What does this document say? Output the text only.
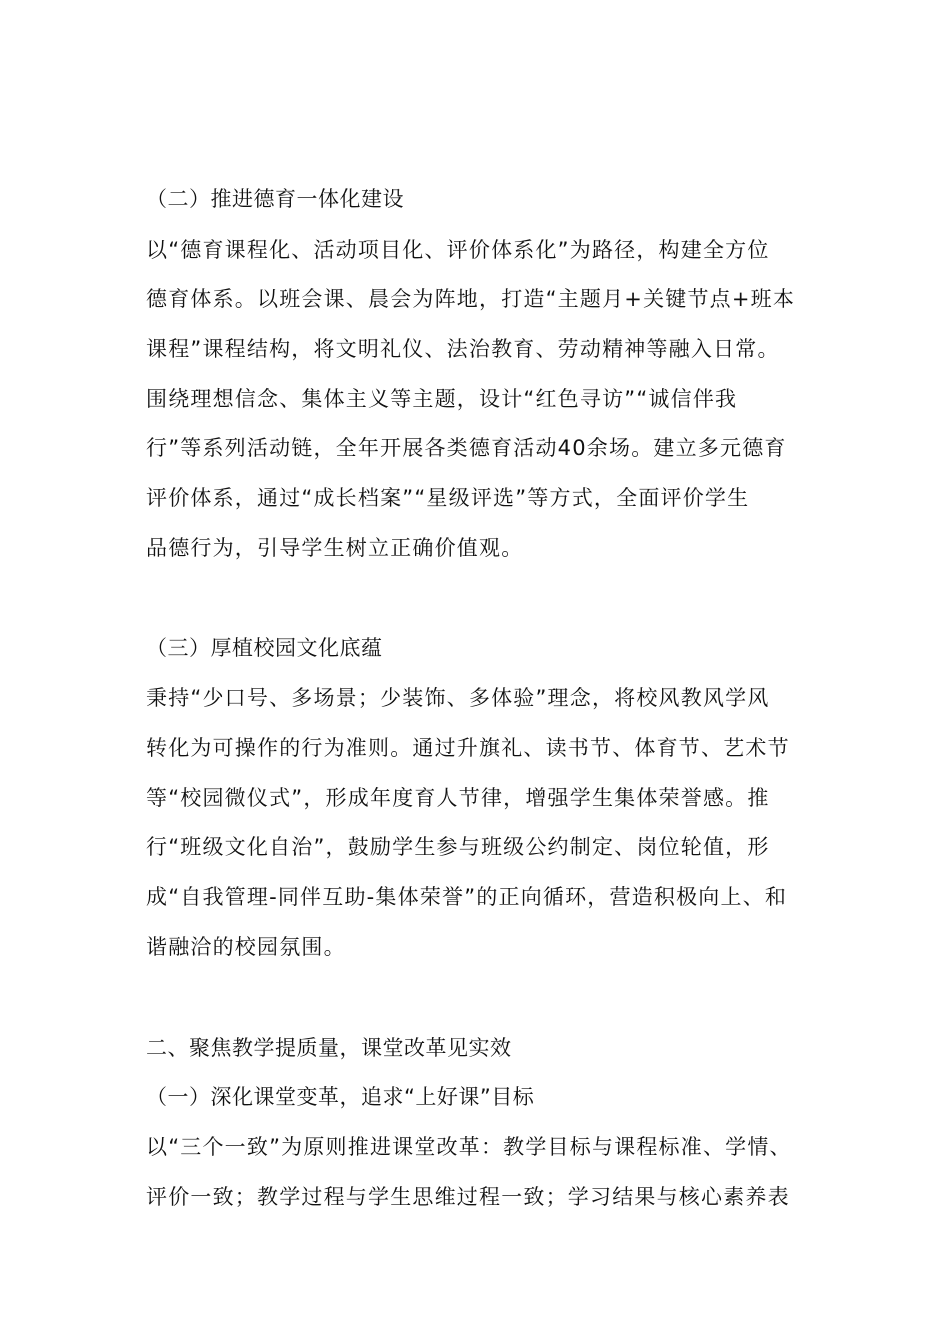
（二）推进德育一体化建设
以“德育课程化、活动项目化、评价体系化”为路径，构建全方位
德育体系。以班会课、晨会为阵地，打造“主题月+关键节点+班本
课程”课程结构，将文明礼仪、法治教育、劳动精神等融入日常。
围绕理想信念、集体主义等主题，设计“红色寻访”“诚信伴我
行”等系列活动链，全年开展各类德育活动40余场。建立多元德育
评价体系，通过“成长档案”“星级评选”等方式，全面评价学生
品德行为，引导学生树立正确价值观。
（三）厚植校园文化底蕴
秉持“少口号、多场景；少装饰、多体验”理念，将校风教风学风
转化为可操作的行为准则。通过升旗礼、读书节、体育节、艺术节
等“校园微仪式”，形成年度育人节律，增强学生集体荣誉感。推
行“班级文化自治”，鼓励学生参与班级公约制定、岗位轮值，形
成“自我管理-同伴互助-集体荣誉”的正向循环，营造积极向上、和
谐融洽的校园氛围。
二、聚焦教学提质量，课堂改革见实效
（一）深化课堂变革，追求“上好课”目标
以“三个一致”为原则推进课堂改革：教学目标与课程标准、学情、
评价一致；教学过程与学生思维过程一致；学习结果与核心素养表
